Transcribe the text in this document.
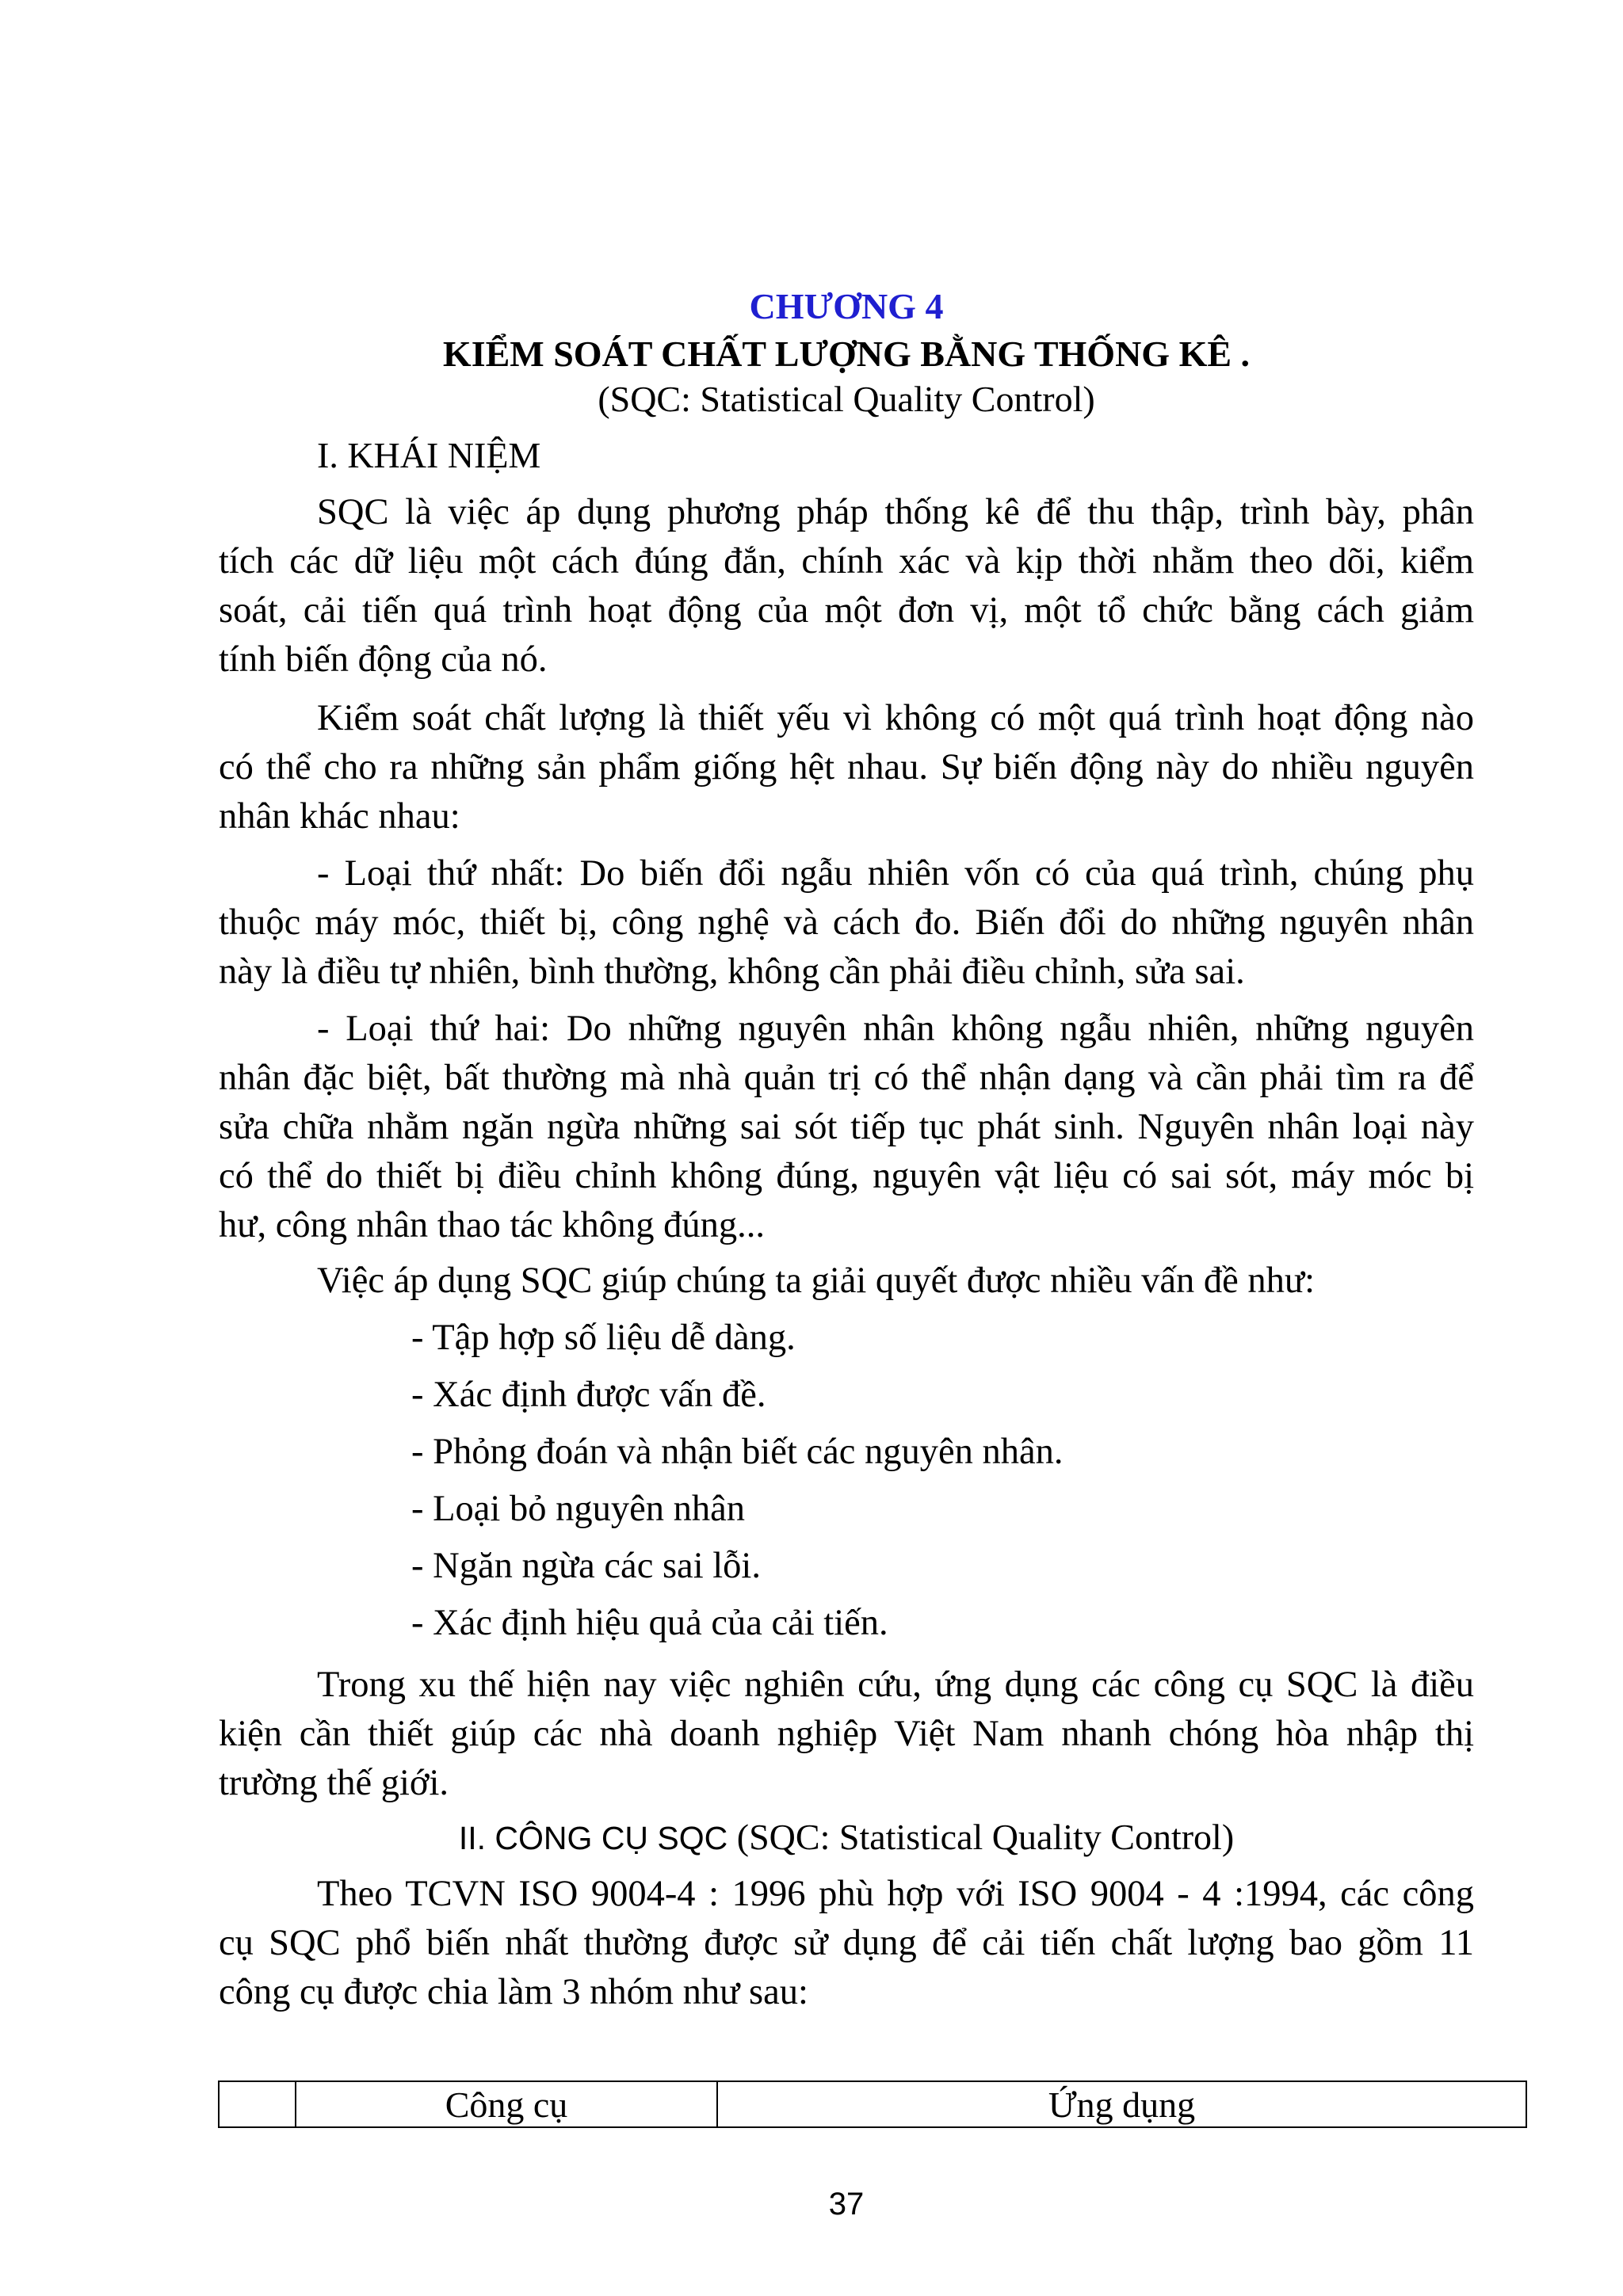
CHƯƠNG 4
KIỂM SOÁT CHẤT LƯỢNG BẰNG THỐNG KÊ .
(SQC: Statistical Quality Control)
I. KHÁI NIỆM
SQC là việc áp dụng phương pháp thống kê để thu thập, trình bày, phân
tích các dữ liệu một cách đúng đắn, chính xác và kịp thời nhằm theo dõi, kiểm
soát, cải tiến quá trình hoạt động của một đơn vị, một tổ chức bằng cách giảm
tính biến động của nó.
Kiểm soát chất lượng là thiết yếu vì không có một quá trình hoạt động nào
có thể cho ra những sản phẩm giống hệt nhau. Sự biến động này do nhiều nguyên
nhân khác nhau:
- Loại thứ nhất: Do biến đổi ngẫu nhiên vốn có của quá trình, chúng phụ
thuộc máy móc, thiết bị, công nghệ và cách đo. Biến đổi do những nguyên nhân
này là điều tự nhiên, bình thường, không cần phải điều chỉnh, sửa sai.
- Loại thứ hai: Do những nguyên nhân không ngẫu nhiên, những nguyên
nhân đặc biệt, bất thường mà nhà quản trị có thể nhận dạng và cần phải tìm ra để
sửa chữa nhằm ngăn ngừa những sai sót tiếp tục phát sinh. Nguyên nhân loại này
có thể do thiết bị điều chỉnh không đúng, nguyên vật liệu có sai sót, máy móc bị
hư, công nhân thao tác không đúng...
Việc áp dụng SQC giúp chúng ta giải quyết được nhiều vấn đề như:
- Tập hợp số liệu dễ dàng.
- Xác định được vấn đề.
- Phỏng đoán và nhận biết các nguyên nhân.
- Loại bỏ nguyên nhân
- Ngăn ngừa các sai lỗi.
- Xác định hiệu quả của cải tiến.
Trong xu thế hiện nay việc nghiên cứu, ứng dụng các công cụ SQC là điều
kiện cần thiết giúp các nhà doanh nghiệp Việt Nam nhanh chóng hòa nhập thị
trường thế giới.
II. CÔNG CỤ SQC (SQC: Statistical Quality Control)
Theo TCVN ISO 9004-4 : 1996 phù hợp với ISO 9004 - 4 :1994, các công
cụ SQC phổ biến nhất thường được sử dụng để cải tiến chất lượng bao gồm 11
công cụ được chia làm 3 nhóm như sau:
	Công cụ	Ứng dụng
37
